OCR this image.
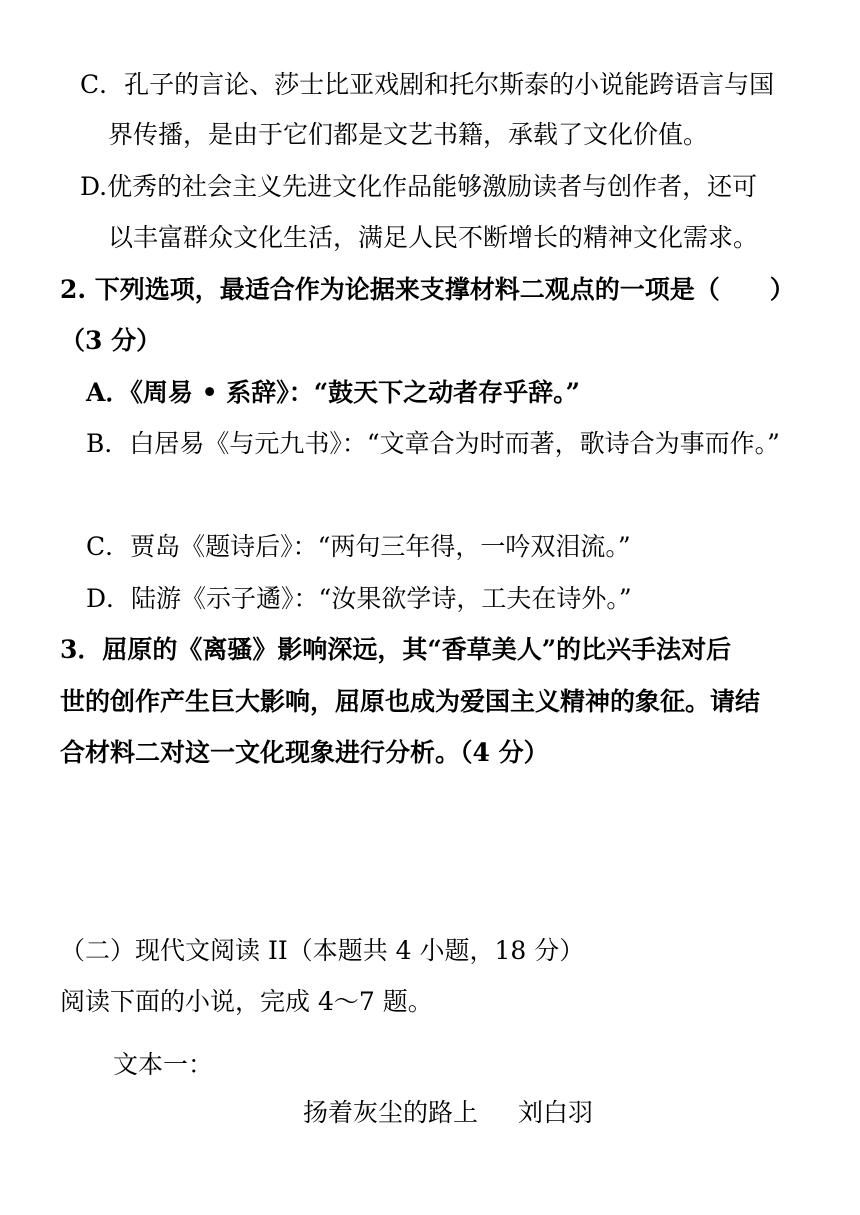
C．孔子的言论、莎士比亚戏剧和托尔斯泰的小说能跨语言与国
界传播，是由于它们都是文艺书籍，承载了文化价值。
D.优秀的社会主义先进文化作品能够激励读者与创作者，还可
以丰富群众文化生活，满足人民不断增长的精神文化需求。
2. 下列选项，最适合作为论据来支撑材料二观点的一项是（　　）
（3 分）
A．《周易 • 系辞》：“鼓天下之动者存乎辞。”
B．白居易《与元九书》：“文章合为时而著，歌诗合为事而作。”
C．贾岛《题诗后》：“两句三年得，一吟双泪流。”
D．陆游《示子遹》：“汝果欲学诗，工夫在诗外。”
3．屈原的《离骚》影响深远，其“香草美人”的比兴手法对后
世的创作产生巨大影响，屈原也成为爱国主义精神的象征。请结
合材料二对这一文化现象进行分析。（4 分）
（二）现代文阅读 II（本题共 4 小题，18 分）
阅读下面的小说，完成 4～7 题。
文本一：
扬着灰尘的路上 刘白羽
